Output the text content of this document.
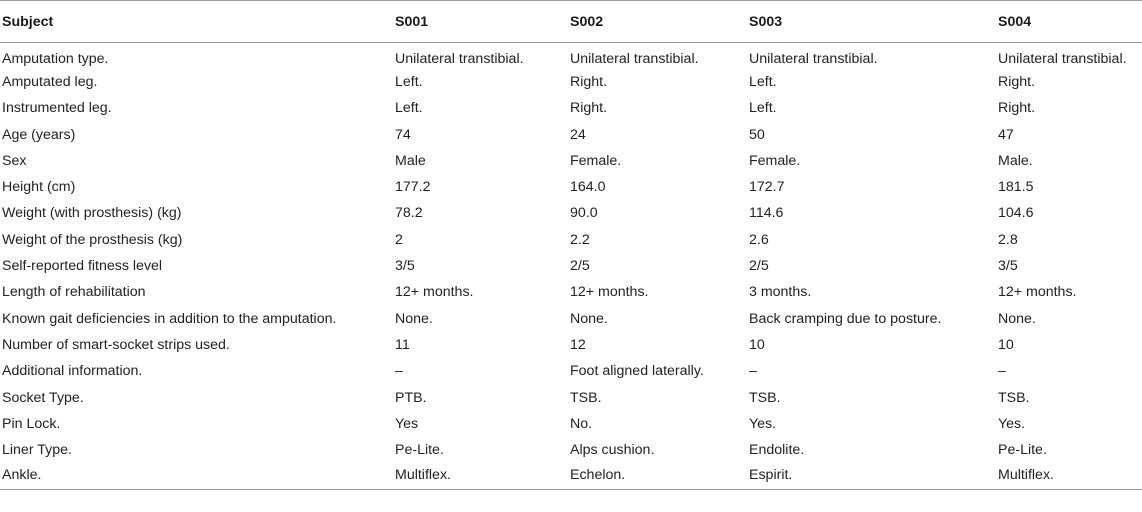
Subject	S001	S002	S003	S004
Amputation type.	Unilateral transtibial.	Unilateral transtibial.	Unilateral transtibial.	Unilateral transtibial.
Amputated leg.	Left.	Right.	Left.	Right.
Instrumented leg.	Left.	Right.	Left.	Right.
Age (years)	74	24	50	47
Sex	Male	Female.	Female.	Male.
Height (cm)	177.2	164.0	172.7	181.5
Weight (with prosthesis) (kg)	78.2	90.0	114.6	104.6
Weight of the prosthesis (kg)	2	2.2	2.6	2.8
Self-reported fitness level	3/5	2/5	2/5	3/5
Length of rehabilitation	12+ months.	12+ months.	3 months.	12+ months.
Known gait deficiencies in addition to the amputation.	None.	None.	Back cramping due to posture.	None.
Number of smart-socket strips used.	11	12	10	10
Additional information.	–	Foot aligned laterally.	–	–
Socket Type.	PTB.	TSB.	TSB.	TSB.
Pin Lock.	Yes	No.	Yes.	Yes.
Liner Type.	Pe-Lite.	Alps cushion.	Endolite.	Pe-Lite.
Ankle.	Multiflex.	Echelon.	Espirit.	Multiflex.
